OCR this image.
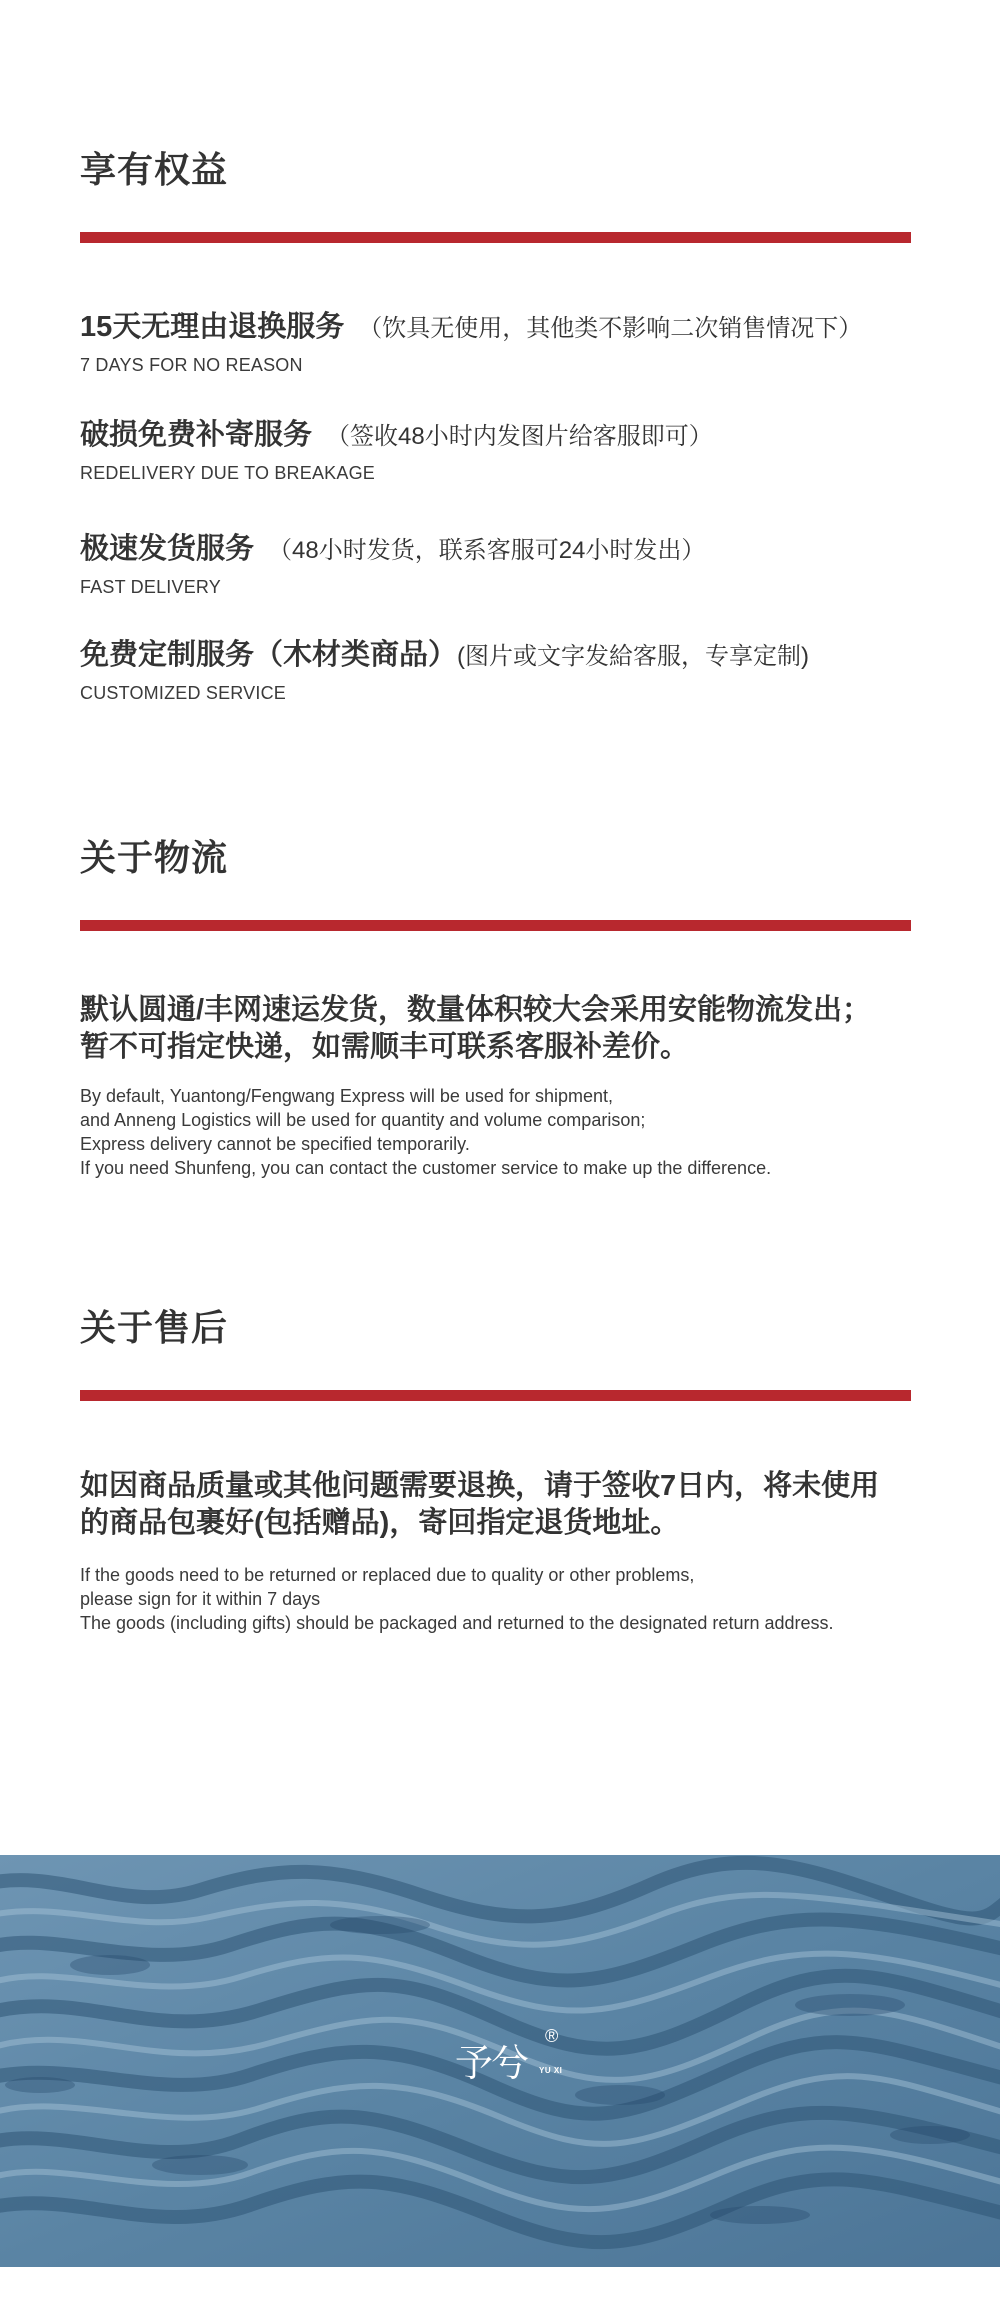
享有权益
15天无理由退换服务 （饮具无使用，其他类不影响二次销售情况下）
7 DAYS FOR NO REASON
破损免费补寄服务 （签收48小时内发图片给客服即可）
REDELIVERY DUE TO BREAKAGE
极速发货服务 （48小时发货，联系客服可24小时发出）
FAST DELIVERY
免费定制服务（木材类商品）(图片或文字发給客服，专享定制)
CUSTOMIZED SERVICE
关于物流

默认圆通/丰网速运发货，数量体积较大会采用安能物流发出；
暂不可指定快递，如需顺丰可联系客服补差价。

By default, Yuantong/Fengwang Express will be used for shipment,
and Anneng Logistics will be used for quantity and volume comparison;
Express delivery cannot be specified temporarily.
If you need Shunfeng, you can contact the customer service to make up the difference.

关于售后

如因商品质量或其他问题需要退换，请于签收7日内，将未使用
的商品包裹好(包括赠品)，寄回指定退货地址。

If the goods need to be returned or replaced due to quality or other problems,
please sign for it within 7 days
The goods (including gifts) should be packaged and returned to the designated return address.

予兮
®
YU XI
